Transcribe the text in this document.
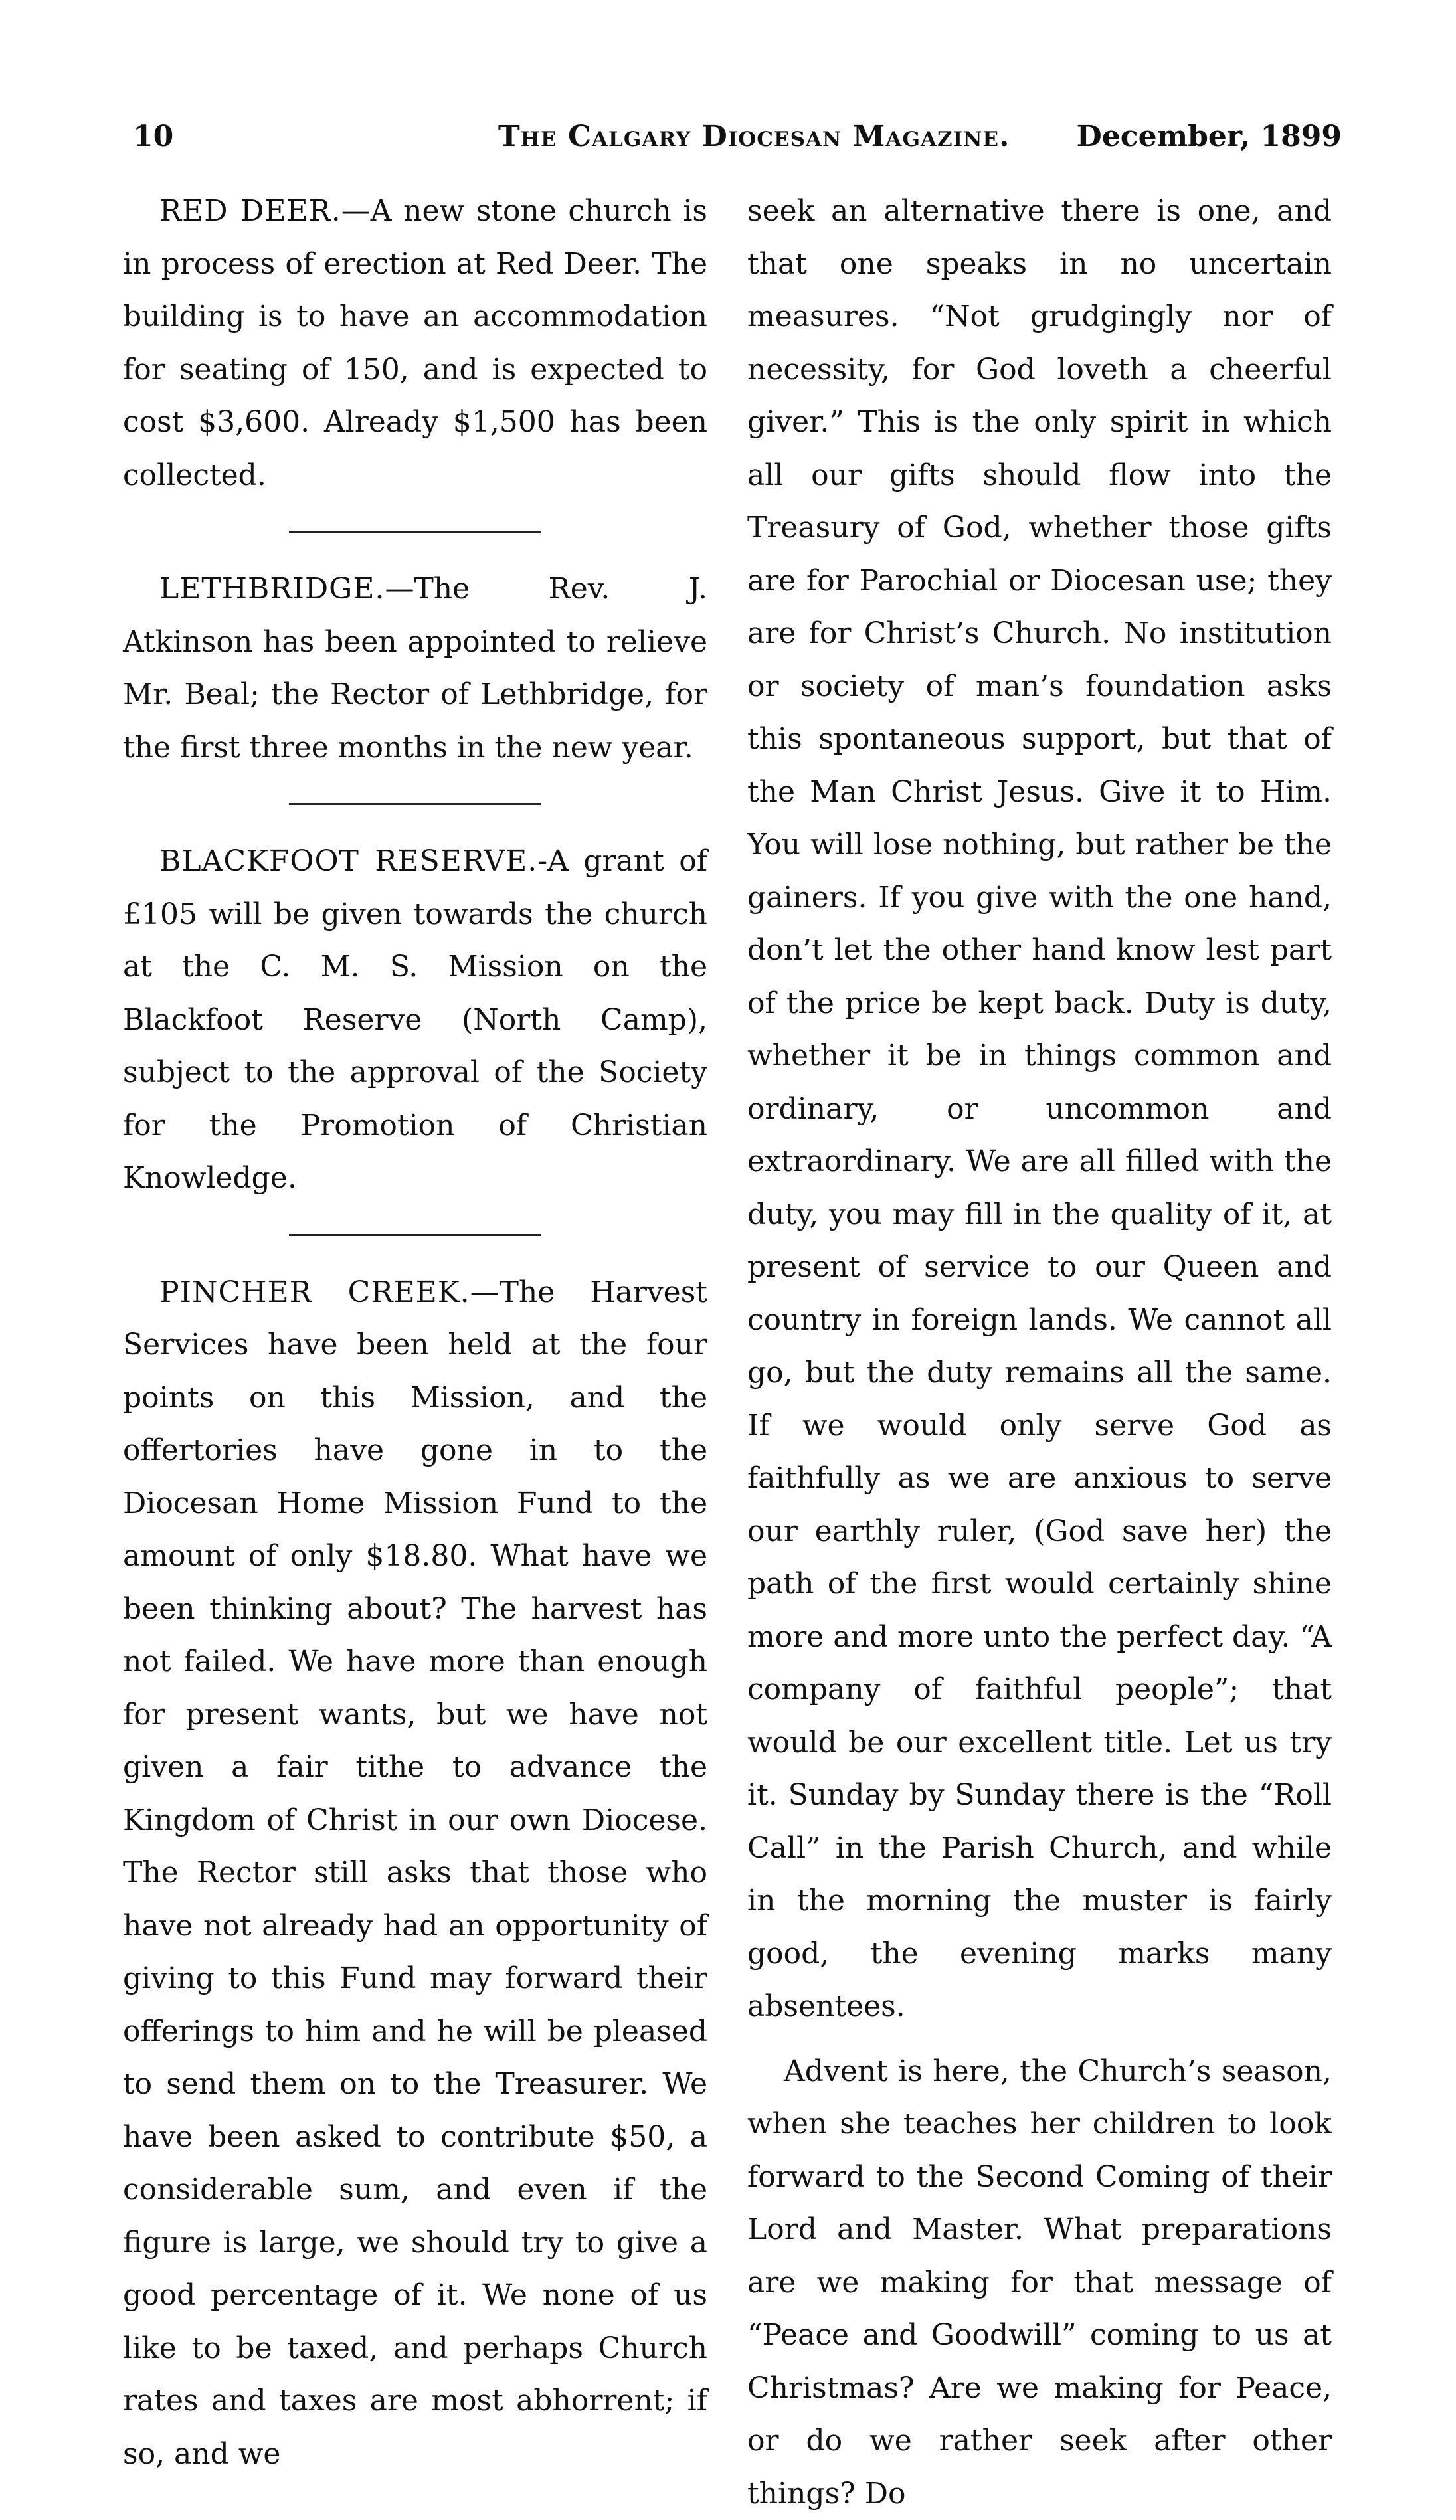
10	The Calgary Diocesan Magazine. December, 1899

RED DEER.—A new stone church is in process of erection at Red Deer. The building is to have an accommodation for seating of 150, and is expected to cost $3,600. Already $1,500 has been collected.

LETHBRIDGE.—The Rev. J. Atkinson has been appointed to relieve Mr. Beal; the Rector of Lethbridge, for the first three months in the new year.

BLACKFOOT RESERVE.-A grant of £105 will be given towards the church at the C. M. S. Mission on the Blackfoot Reserve (North Camp), subject to the approval of the Society for the Promotion of Christian Knowledge.

PINCHER CREEK.—The Harvest Services have been held at the four points on this Mission, and the offertories have gone in to the Diocesan Home Mission Fund to the amount of only $18.80. What have we been thinking about? The harvest has not failed. We have more than enough for present wants, but we have not given a fair tithe to advance the Kingdom of Christ in our own Diocese. The Rector still asks that those who have not already had an opportunity of giving to this Fund may forward their offerings to him and he will be pleased to send them on to the Treasurer. We have been asked to contribute $50, a considerable sum, and even if the figure is large, we should try to give a good percentage of it. We none of us like to be taxed, and perhaps Church rates and taxes are most abhorrent; if so, and we

seek an alternative there is one, and that one speaks in no uncertain measures. “Not grudgingly nor of necessity, for God loveth a cheerful giver.” This is the only spirit in which all our gifts should flow into the Treasury of God, whether those gifts are for Parochial or Diocesan use; they are for Christ’s Church. No institution or society of man’s foundation asks this spontaneous support, but that of the Man Christ Jesus. Give it to Him. You will lose nothing, but rather be the gainers. If you give with the one hand, don’t let the other hand know lest part of the price be kept back. Duty is duty, whether it be in things common and ordinary, or uncommon and extraordinary. We are all filled with the duty, you may fill in the quality of it, at present of service to our Queen and country in foreign lands. We cannot all go, but the duty remains all the same. If we would only serve God as faithfully as we are anxious to serve our earthly ruler, (God save her) the path of the first would certainly shine more and more unto the perfect day. “A company of faithful people”; that would be our excellent title. Let us try it. Sunday by Sunday there is the “Roll Call” in the Parish Church, and while in the morning the muster is fairly good, the evening marks many absentees.

Advent is here, the Church’s season, when she teaches her children to look forward to the Second Coming of their Lord and Master. What preparations are we making for that message of “Peace and Goodwill” coming to us at Christmas? Are we making for Peace, or do we rather seek after other things? Do
